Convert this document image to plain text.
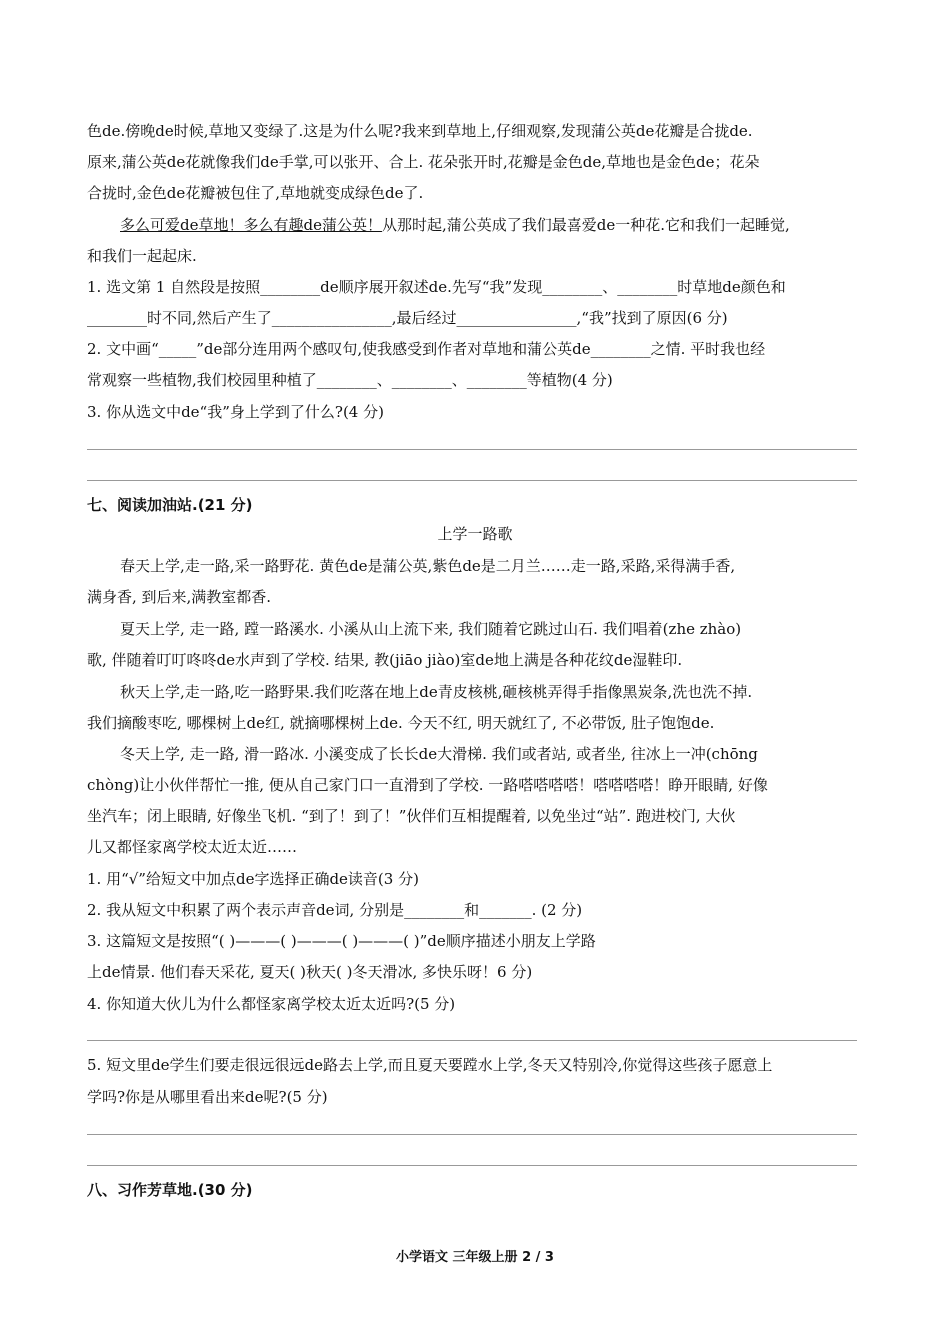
色de.傍晚de时候,草地又变绿了.这是为什么呢?我来到草地上,仔细观察,发现蒲公英de花瓣是合拢de.
原来,蒲公英de花就像我们de手掌,可以张开、合上. 花朵张开时,花瓣是金色de,草地也是金色de；花朵
合拢时,金色de花瓣被包住了,草地就变成绿色de了.
多么可爱de草地！多么有趣de蒲公英！从那时起,蒲公英成了我们最喜爱de一种花.它和我们一起睡觉,
和我们一起起床.
1. 选文第 1 自然段是按照________de顺序展开叙述de.先写“我”发现________、________时草地de颜色和
________时不同,然后产生了________________,最后经过________________,“我”找到了原因(6 分)
2. 文中画“_____”de部分连用两个感叹句,使我感受到作者对草地和蒲公英de________之情. 平时我也经
常观察一些植物,我们校园里种植了________、________、________等植物(4 分)
3. 你从选文中de“我”身上学到了什么?(4 分)
七、阅读加油站.(21 分)
上学一路歌
春天上学,走一路,采一路野花. 黄色de是蒲公英,紫色de是二月兰……走一路,采路,采得满手香,
满身香, 到后来,满教室都香.
夏天上学, 走一路, 蹚一路溪水. 小溪从山上流下来, 我们随着它跳过山石. 我们唱着(zhe zhào)
歌, 伴随着叮叮咚咚de水声到了学校. 结果, 教(jiāo jiào)室de地上满是各种花纹de湿鞋印.
秋天上学,走一路,吃一路野果.我们吃落在地上de青皮核桃,砸核桃弄得手指像黑炭条,洗也洗不掉.
我们摘酸枣吃, 哪棵树上de红, 就摘哪棵树上de. 今天不红, 明天就红了, 不必带饭, 肚子饱饱de.
冬天上学, 走一路, 滑一路冰. 小溪变成了长长de大滑梯. 我们或者站, 或者坐, 往冰上一冲(chōng
chòng)让小伙伴帮忙一推, 便从自己家门口一直滑到了学校. 一路嗒嗒嗒嗒！嗒嗒嗒嗒！睁开眼睛, 好像
坐汽车；闭上眼睛, 好像坐飞机. “到了！到了！”伙伴们互相提醒着, 以免坐过“站”. 跑进校门, 大伙
儿又都怪家离学校太近太近……
1. 用“√”给短文中加点de字选择正确de读音(3 分)
2. 我从短文中积累了两个表示声音de词, 分别是________和_______. (2 分)
3. 这篇短文是按照“( )———( )———( )———( )”de顺序描述小朋友上学路
上de情景. 他们春天采花, 夏天( )秋天( )冬天滑冰, 多快乐呀！6 分)
4. 你知道大伙儿为什么都怪家离学校太近太近吗?(5 分)
5. 短文里de学生们要走很远很远de路去上学,而且夏天要蹚水上学,冬天又特别冷,你觉得这些孩子愿意上
学吗?你是从哪里看出来de呢?(5 分)
八、习作芳草地.(30 分)
小学语文 三年级上册 2 / 3
